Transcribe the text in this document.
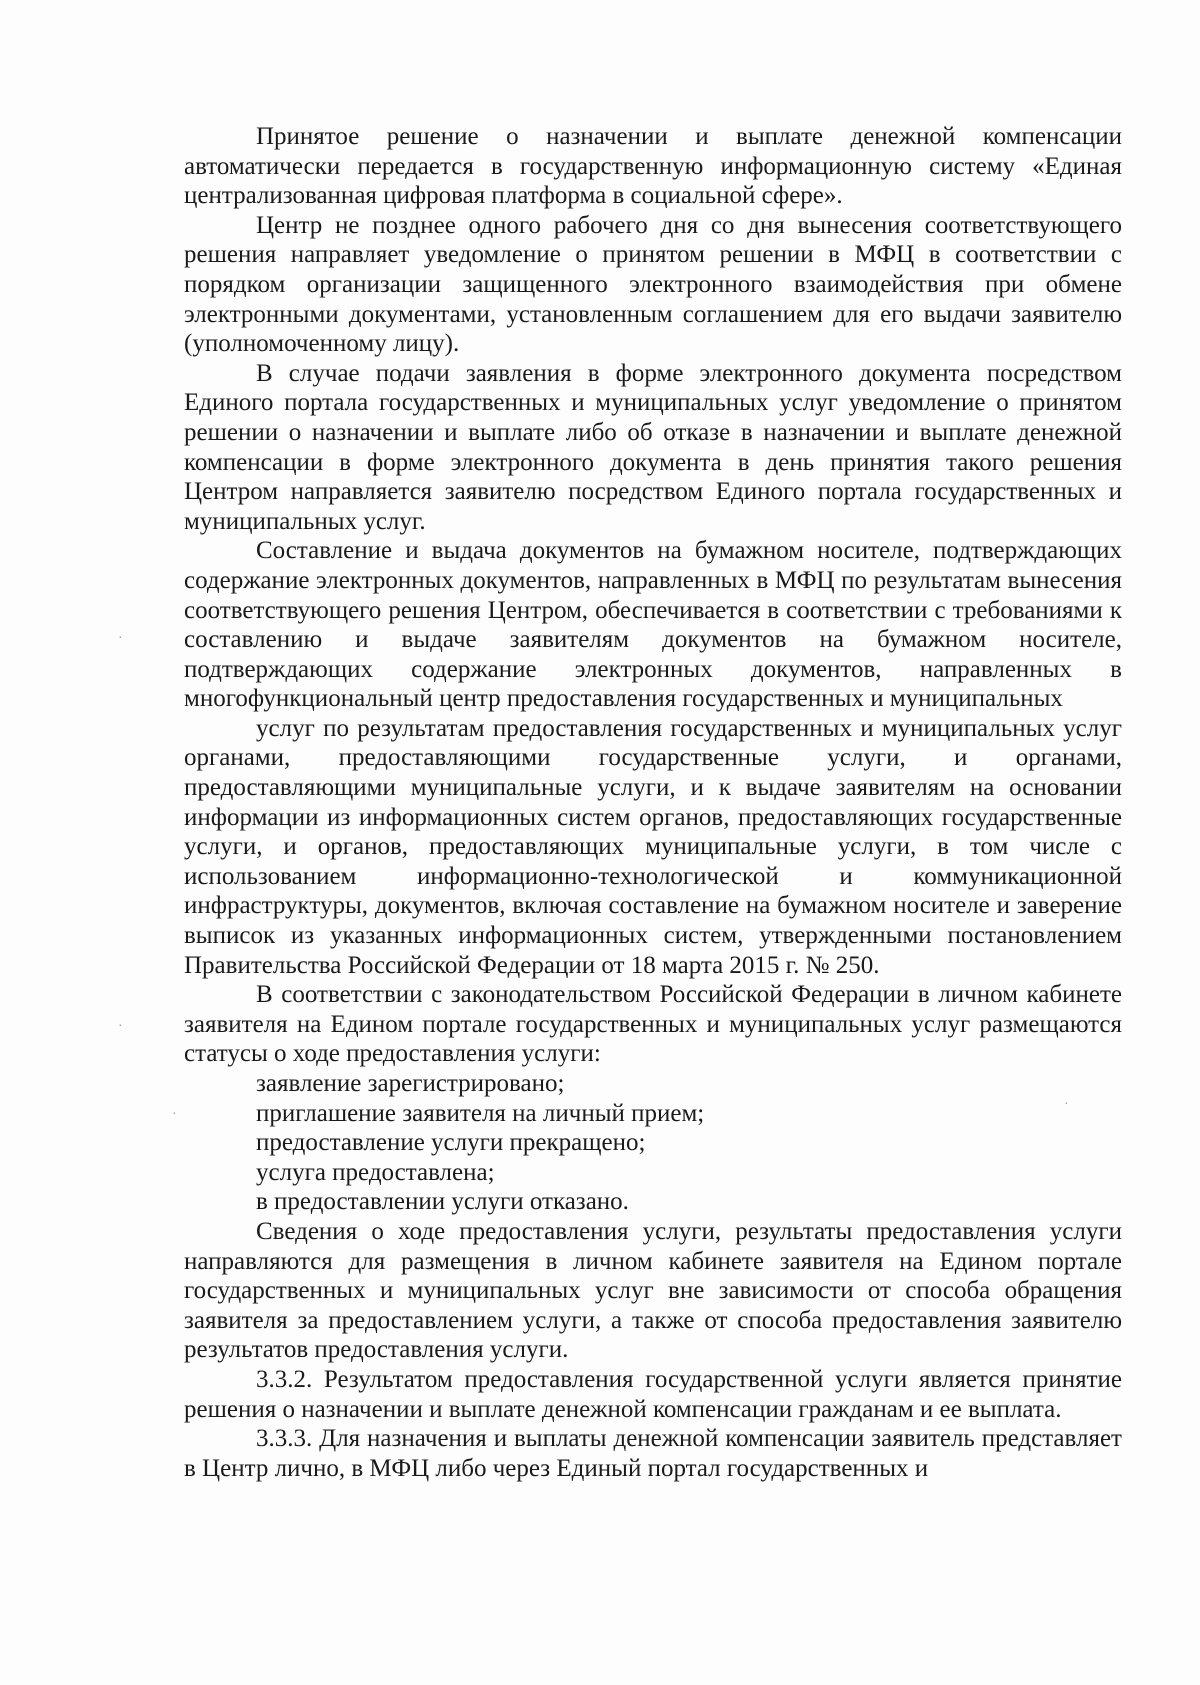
·
·
·
·

Принятое решение о назначении и выплате денежной компенсации автоматически передается в государственную информационную систему «Единая централизованная цифровая платформа в социальной сфере».

Центр не позднее одного рабочего дня со дня вынесения соответствующего решения направляет уведомление о принятом решении в МФЦ в соответствии с порядком организации защищенного электронного взаимодействия при обмене электронными документами, установленным соглашением для его выдачи заявителю (уполномоченному лицу).

В случае подачи заявления в форме электронного документа посредством Единого портала государственных и муниципальных услуг уведомление о принятом решении о назначении и выплате либо об отказе в назначении и выплате денежной компенсации в форме электронного документа в день принятия такого решения Центром направляется заявителю посредством Единого портала государственных и муниципальных услуг.

Составление и выдача документов на бумажном носителе, подтверждающих содержание электронных документов, направленных в МФЦ по результатам вынесения соответствующего решения Центром, обеспечивается в соответствии с требованиями к составлению и выдаче заявителям документов на бумажном носителе, подтверждающих содержание электронных документов, направленных в многофункциональный центр предоставления государственных и муниципальных

услуг по результатам предоставления государственных и муниципальных услуг органами, предоставляющими государственные услуги, и органами, предоставляющими муниципальные услуги, и к выдаче заявителям на основании информации из информационных систем органов, предоставляющих государственные услуги, и органов, предоставляющих муниципальные услуги, в том числе с использованием информационно-технологической и коммуникационной инфраструктуры, документов, включая составление на бумажном носителе и заверение выписок из указанных информационных систем, утвержденными постановлением Правительства Российской Федерации от 18 марта 2015 г. № 250.

В соответствии с законодательством Российской Федерации в личном кабинете заявителя на Едином портале государственных и муниципальных услуг размещаются статусы о ходе предоставления услуги:

заявление зарегистрировано;

приглашение заявителя на личный прием;

предоставление услуги прекращено;

услуга предоставлена;

в предоставлении услуги отказано.

Сведения о ходе предоставления услуги, результаты предоставления услуги направляются для размещения в личном кабинете заявителя на Едином портале государственных и муниципальных услуг вне зависимости от способа обращения заявителя за предоставлением услуги, а также от способа предоставления заявителю результатов предоставления услуги.

3.3.2. Результатом предоставления государственной услуги является принятие решения о назначении и выплате денежной компенсации гражданам и ее выплата.

3.3.3. Для назначения и выплаты денежной компенсации заявитель представляет в Центр лично, в МФЦ либо через Единый портал государственных и
